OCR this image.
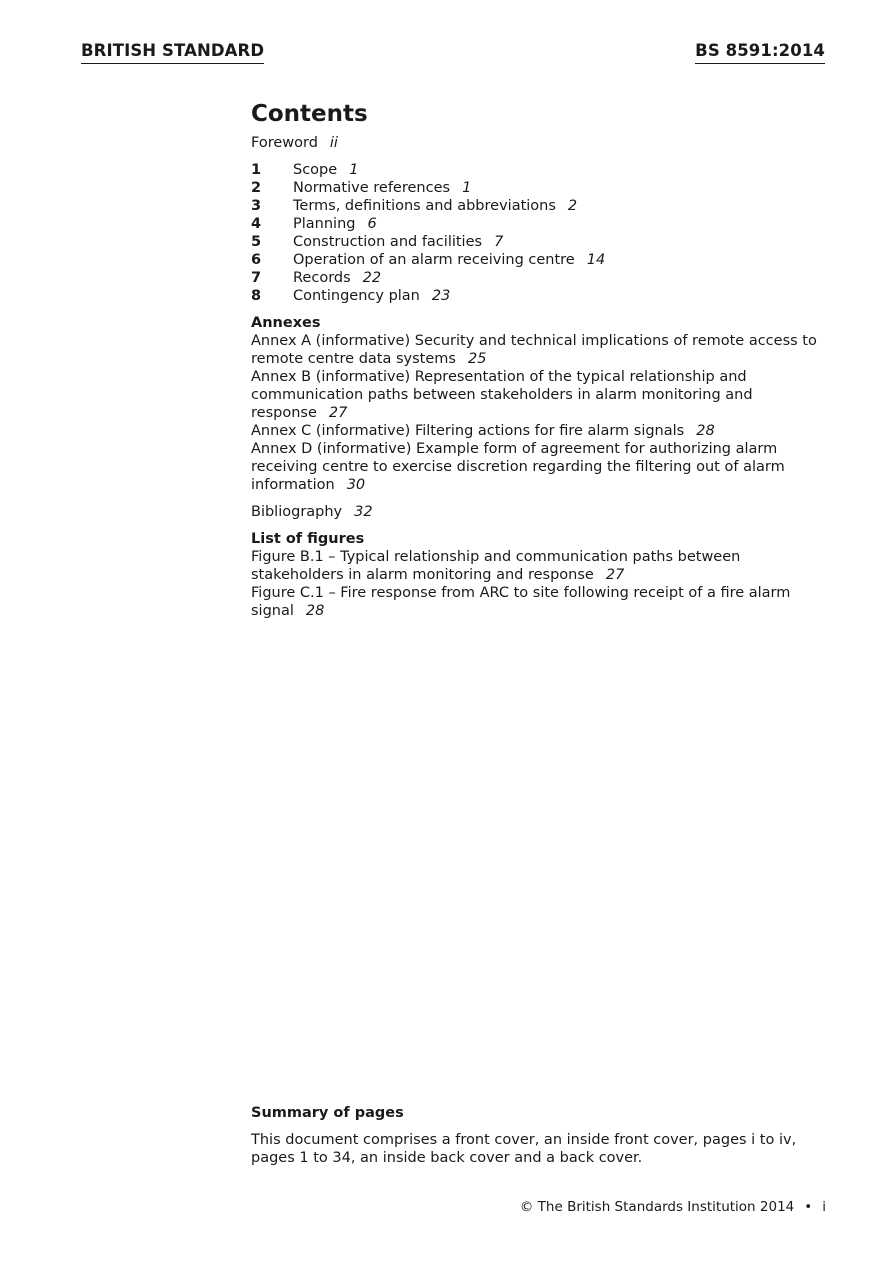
BRITISH STANDARD	BS 8591:2014
Contents
Foreword ii
1	Scope 1
2	Normative references 1
3	Terms, definitions and abbreviations 2
4	Planning 6
5	Construction and facilities 7
6	Operation of an alarm receiving centre 14
7	Records 22
8	Contingency plan 23
Annexes

Annex A (informative) Security and technical implications of remote access to remote centre data systems 25

Annex B (informative) Representation of the typical relationship and communication paths between stakeholders in alarm monitoring and response 27

Annex C (informative) Filtering actions for fire alarm signals 28

Annex D (informative) Example form of agreement for authorizing alarm receiving centre to exercise discretion regarding the filtering out of alarm information 30

Bibliography 32
List of figures

Figure B.1 – Typical relationship and communication paths between stakeholders in alarm monitoring and response 27

Figure C.1 – Fire response from ARC to site following receipt of a fire alarm signal 28

Summary of pages

This document comprises a front cover, an inside front cover, pages i to iv, pages 1 to 34, an inside back cover and a back cover.

© The British Standards Institution 2014 • i
